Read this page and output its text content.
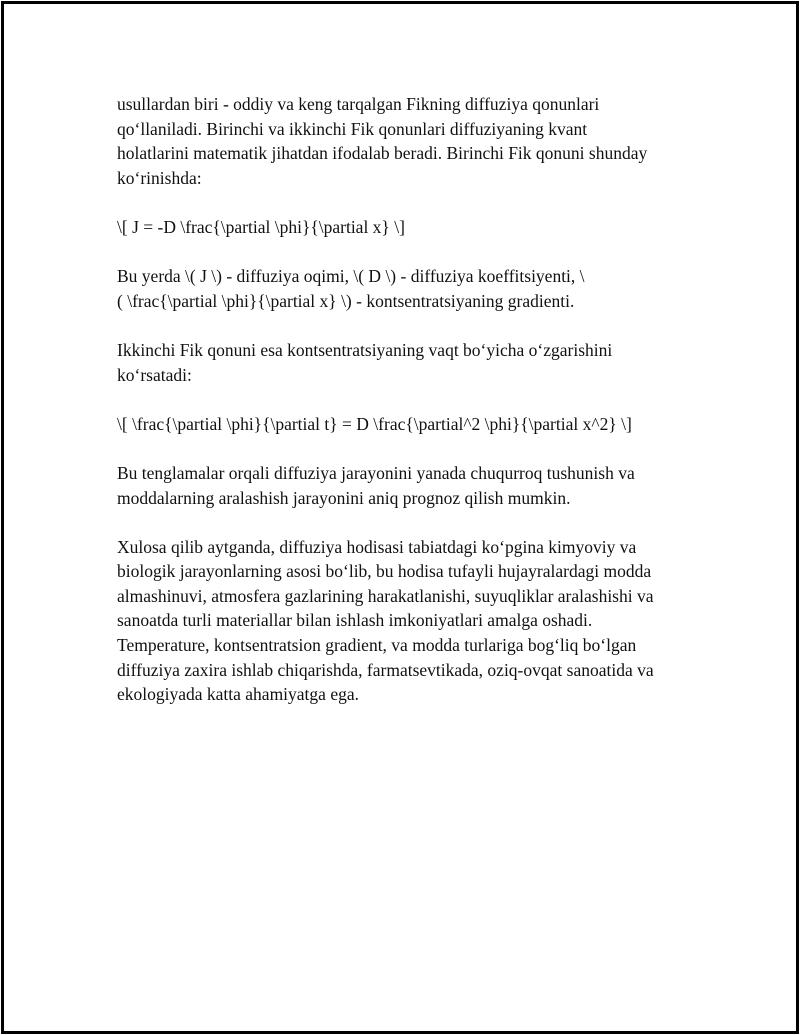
usullardan biri - oddiy va keng tarqalgan Fikning diffuziya qonunlari
qo‘llaniladi. Birinchi va ikkinchi Fik qonunlari diffuziyaning kvant
holatlarini matematik jihatdan ifodalab beradi. Birinchi Fik qonuni shunday
ko‘rinishda:

\[ J = -D \frac{\partial \phi}{\partial x} \]

Bu yerda \( J \) - diffuziya oqimi, \( D \) - diffuziya koeffitsiyenti, \
( \frac{\partial \phi}{\partial x} \) - kontsentratsiyaning gradienti.

Ikkinchi Fik qonuni esa kontsentratsiyaning vaqt bo‘yicha o‘zgarishini
ko‘rsatadi:

\[ \frac{\partial \phi}{\partial t} = D \frac{\partial^2 \phi}{\partial x^2} \]

Bu tenglamalar orqali diffuziya jarayonini yanada chuqurroq tushunish va
moddalarning aralashish jarayonini aniq prognoz qilish mumkin.

Xulosa qilib aytganda, diffuziya hodisasi tabiatdagi ko‘pgina kimyoviy va
biologik jarayonlarning asosi bo‘lib, bu hodisa tufayli hujayralardagi modda
almashinuvi, atmosfera gazlarining harakatlanishi, suyuqliklar aralashishi va
sanoatda turli materiallar bilan ishlash imkoniyatlari amalga oshadi.
Temperature, kontsentratsion gradient, va modda turlariga bog‘liq bo‘lgan
diffuziya zaxira ishlab chiqarishda, farmatsevtikada, oziq-ovqat sanoatida va
ekologiyada katta ahamiyatga ega.
